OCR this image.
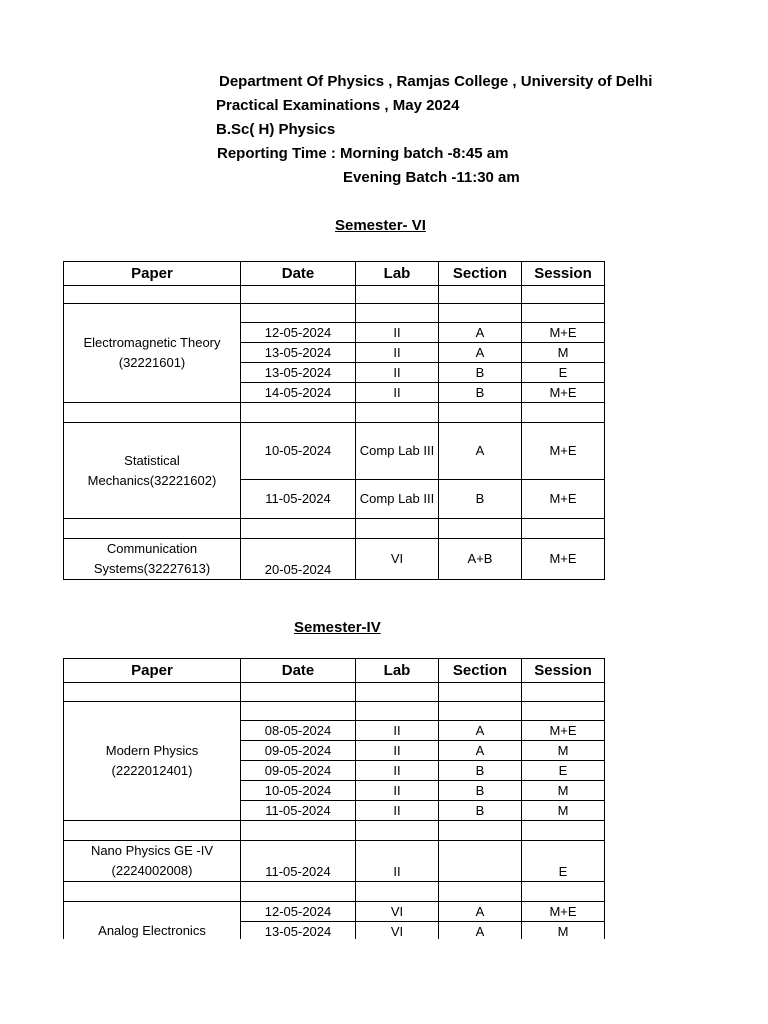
Department Of Physics , Ramjas College , University of Delhi
Practical Examinations , May 2024
B.Sc( H) Physics
Reporting Time : Morning batch -8:45 am
Evening Batch -11:30 am
Semester- VI
Paper	Date	Lab	Section	Session

Electromagnetic Theory (32221601)				
	12-05-2024	II	A	M+E
	13-05-2024	II	A	M
	13-05-2024	II	B	E
	14-05-2024	II	B	M+E

Statistical Mechanics(32221602)	10-05-2024	Comp Lab III	A	M+E
	11-05-2024	Comp Lab III	B	M+E

Communication Systems(32227613)	20-05-2024	VI	A+B	M+E
Semester-IV
Paper	Date	Lab	Section	Session

Modern Physics (2222012401)				
	08-05-2024	II	A	M+E
	09-05-2024	II	A	M
	09-05-2024	II	B	E
	10-05-2024	II	B	M
	11-05-2024	II	B	M

Nano Physics GE -IV (2224002008)	11-05-2024	II		E

Analog Electronics	12-05-2024	VI	A	M+E
	13-05-2024	VI	A	M
